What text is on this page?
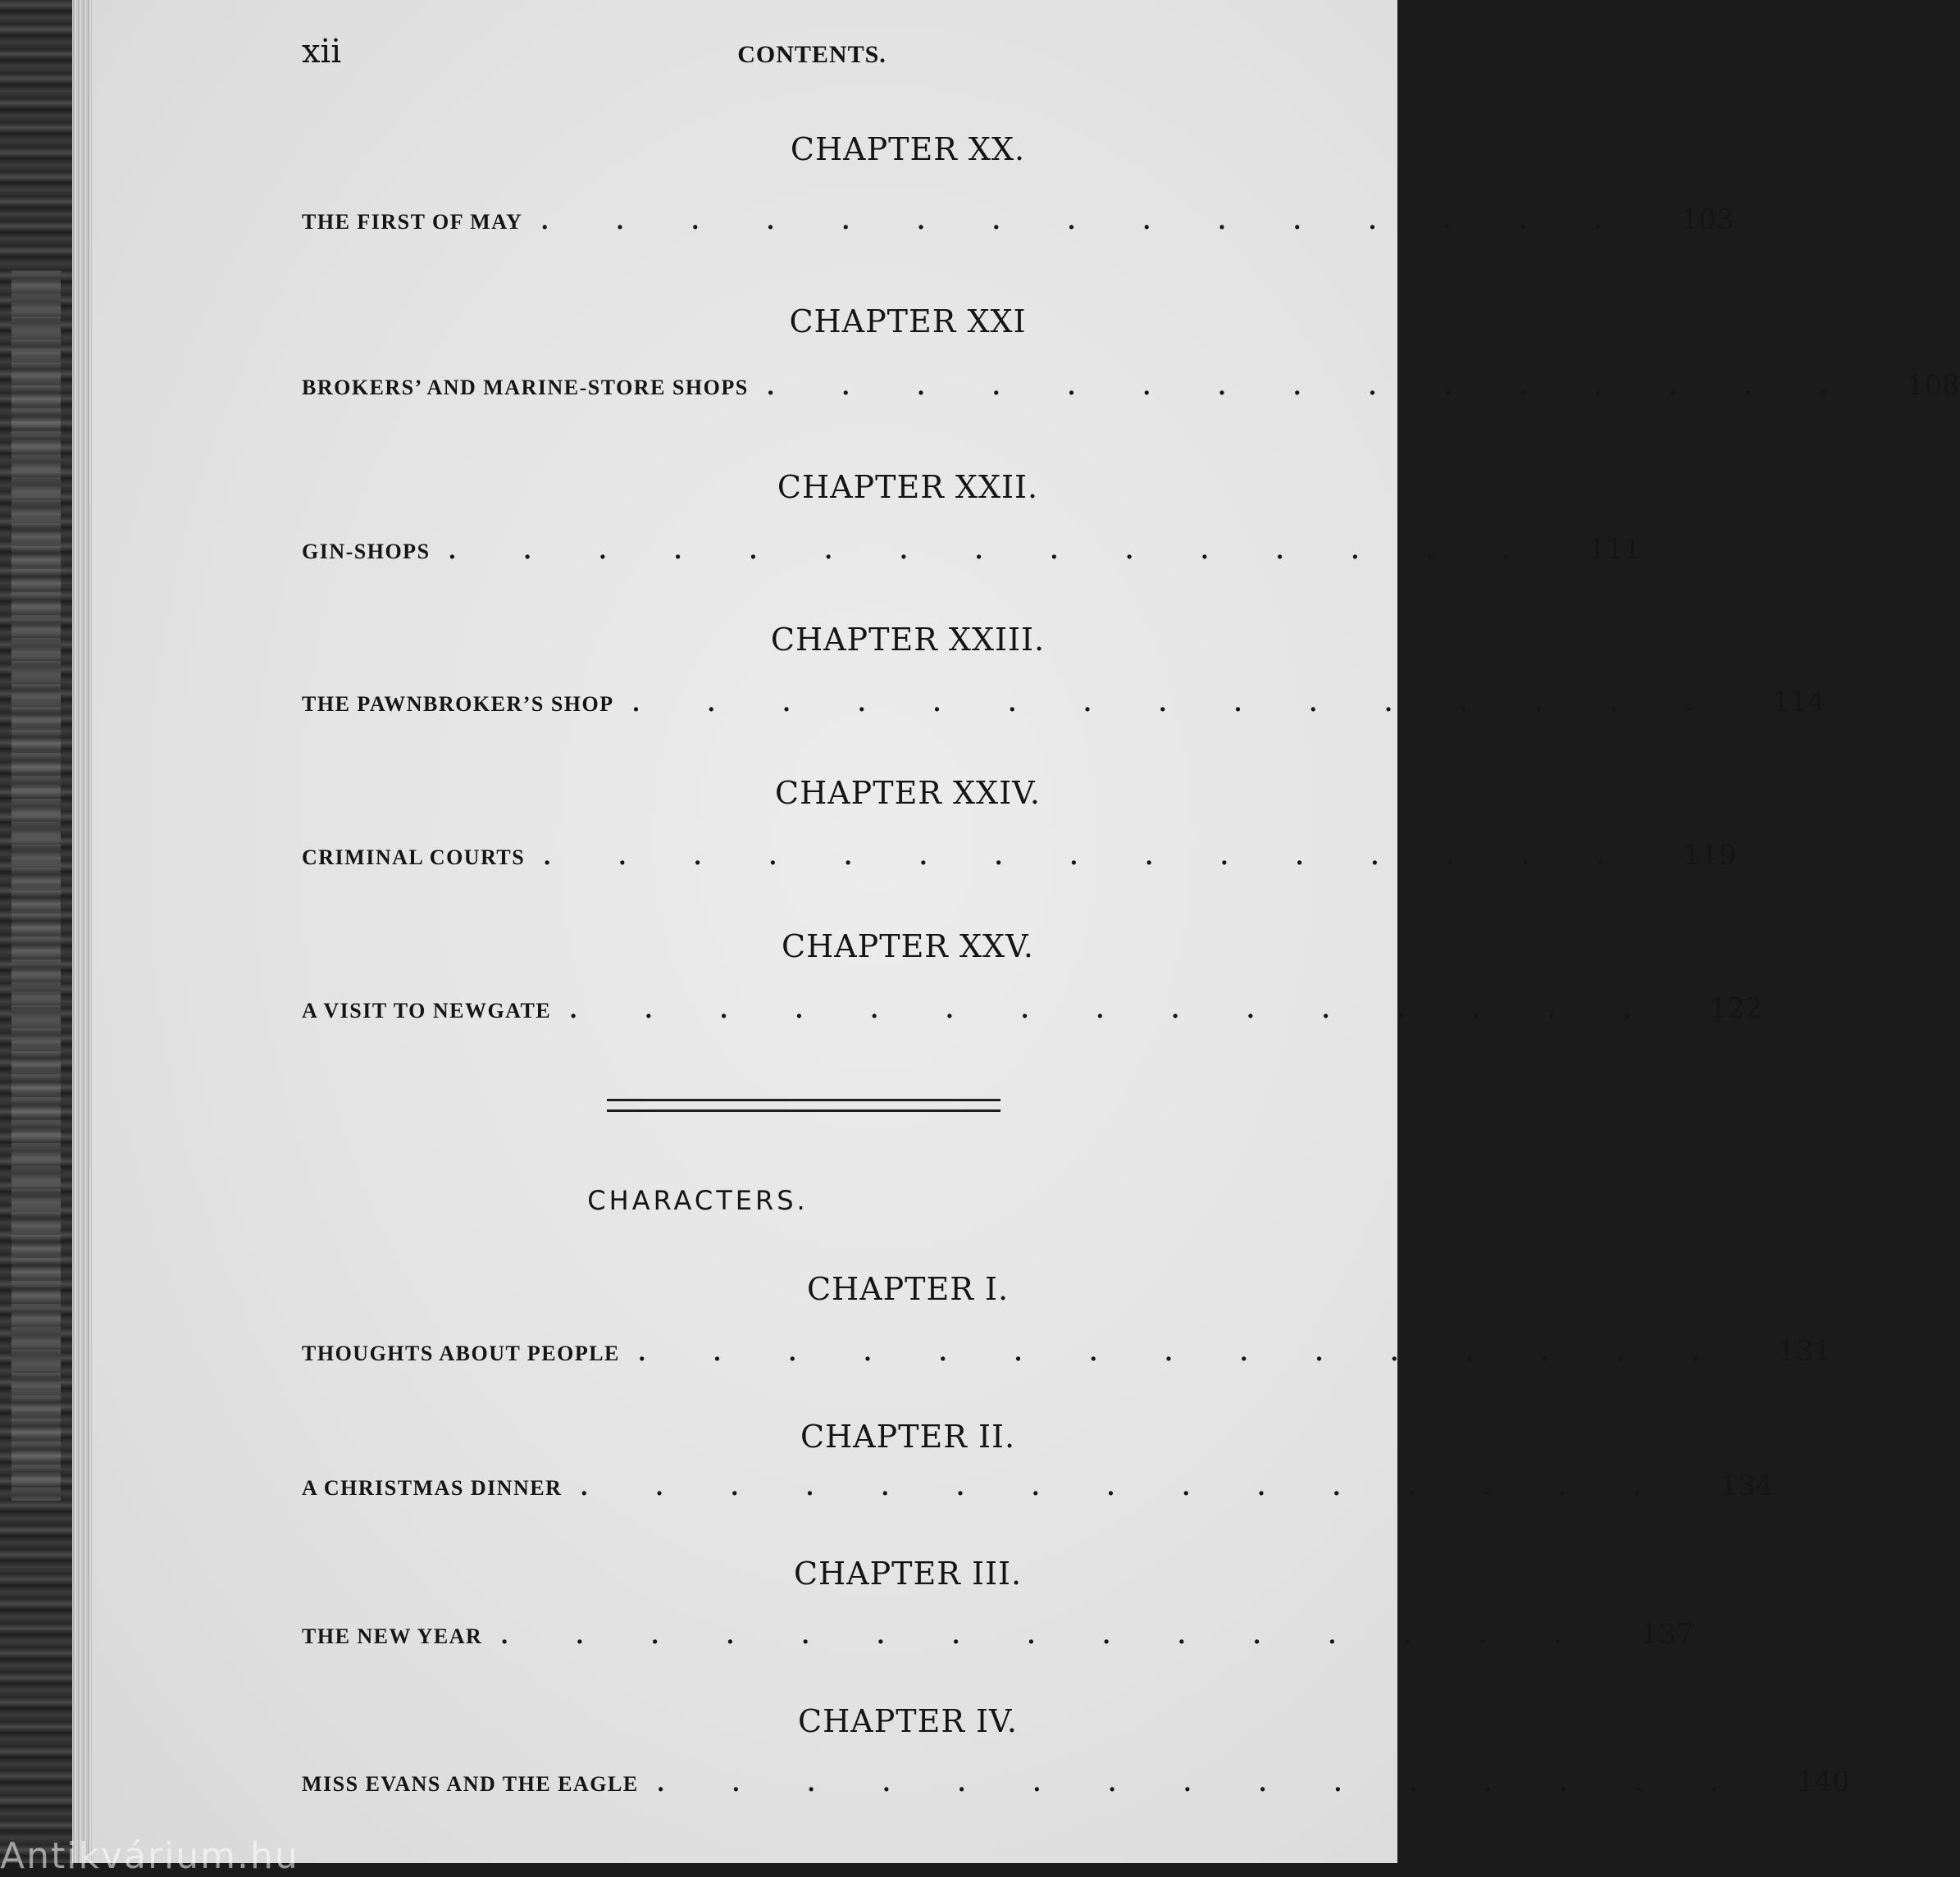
xii	CONTENTS.
CHAPTER XX.
PAGE
THE FIRST OF MAY ............... 103
CHAPTER XXI
BROKERS’ AND MARINE-STORE SHOPS ............... 108
CHAPTER XXII.
GIN-SHOPS ............... 111
CHAPTER XXIII.
THE PAWNBROKER’S SHOP ............... 114
CHAPTER XXIV.
CRIMINAL COURTS ............... 119
CHAPTER XXV.
A VISIT TO NEWGATE ............... 122
CHARACTERS.
CHAPTER I.
THOUGHTS ABOUT PEOPLE ............... 131
CHAPTER II.
A CHRISTMAS DINNER ............... 134
CHAPTER III.
THE NEW YEAR ............... 137
CHAPTER IV.
MISS EVANS AND THE EAGLE ............... 140
Antikvárium.hu
